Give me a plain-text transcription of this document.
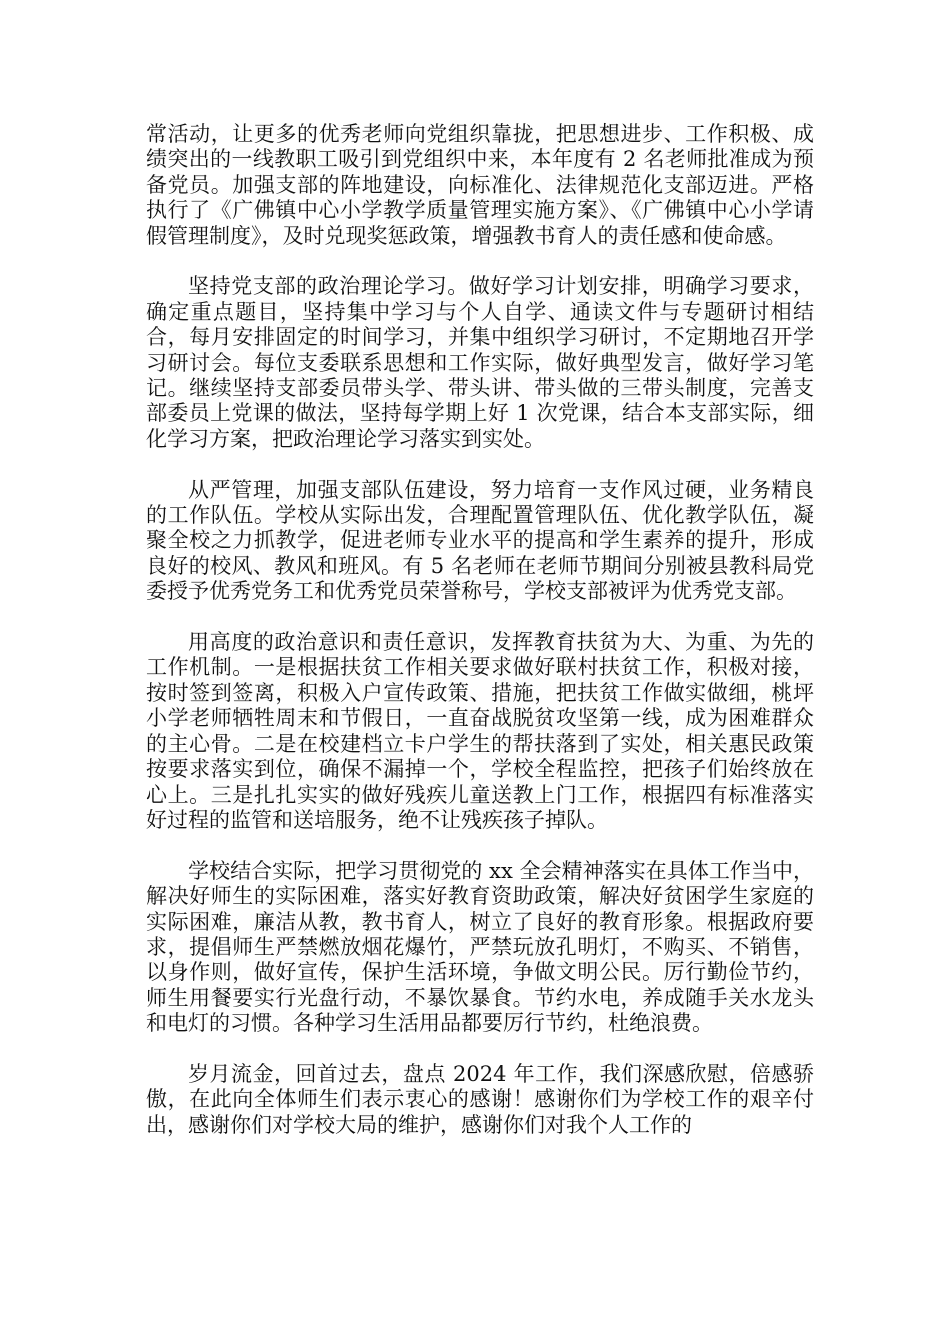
常活动，让更多的优秀老师向党组织靠拢，把思想进步、工作积极、成绩突出的一线教职工吸引到党组织中来，本年度有 2 名老师批准成为预备党员。加强支部的阵地建设，向标准化、法律规范化支部迈进。严格执行了《广佛镇中心小学教学质量管理实施方案》、《广佛镇中心小学请假管理制度》，及时兑现奖惩政策，增强教书育人的责任感和使命感。

坚持党支部的政治理论学习。做好学习计划安排，明确学习要求，确定重点题目，坚持集中学习与个人自学、通读文件与专题研讨相结合，每月安排固定的时间学习，并集中组织学习研讨，不定期地召开学习研讨会。每位支委联系思想和工作实际，做好典型发言，做好学习笔记。继续坚持支部委员带头学、带头讲、带头做的三带头制度，完善支部委员上党课的做法，坚持每学期上好 1 次党课，结合本支部实际，细化学习方案，把政治理论学习落实到实处。

从严管理，加强支部队伍建设，努力培育一支作风过硬，业务精良的工作队伍。学校从实际出发，合理配置管理队伍、优化教学队伍，凝聚全校之力抓教学，促进老师专业水平的提高和学生素养的提升，形成良好的校风、教风和班风。有 5 名老师在老师节期间分别被县教科局党委授予优秀党务工和优秀党员荣誉称号，学校支部被评为优秀党支部。

用高度的政治意识和责任意识，发挥教育扶贫为大、为重、为先的工作机制。一是根据扶贫工作相关要求做好联村扶贫工作，积极对接，按时签到签离，积极入户宣传政策、措施，把扶贫工作做实做细，桃坪小学老师牺牲周末和节假日，一直奋战脱贫攻坚第一线，成为困难群众的主心骨。二是在校建档立卡户学生的帮扶落到了实处，相关惠民政策按要求落实到位，确保不漏掉一个，学校全程监控，把孩子们始终放在心上。三是扎扎实实的做好残疾儿童送教上门工作，根据四有标准落实好过程的监管和送培服务，绝不让残疾孩子掉队。

学校结合实际，把学习贯彻党的 xx 全会精神落实在具体工作当中，解决好师生的实际困难，落实好教育资助政策，解决好贫困学生家庭的实际困难，廉洁从教，教书育人，树立了良好的教育形象。根据政府要求，提倡师生严禁燃放烟花爆竹，严禁玩放孔明灯，不购买、不销售，以身作则，做好宣传，保护生活环境，争做文明公民。厉行勤俭节约，师生用餐要实行光盘行动，不暴饮暴食。节约水电，养成随手关水龙头和电灯的习惯。各种学习生活用品都要厉行节约，杜绝浪费。

岁月流金，回首过去，盘点 2024 年工作，我们深感欣慰，倍感骄傲，在此向全体师生们表示衷心的感谢！感谢你们为学校工作的艰辛付出，感谢你们对学校大局的维护，感谢你们对我个人工作的
